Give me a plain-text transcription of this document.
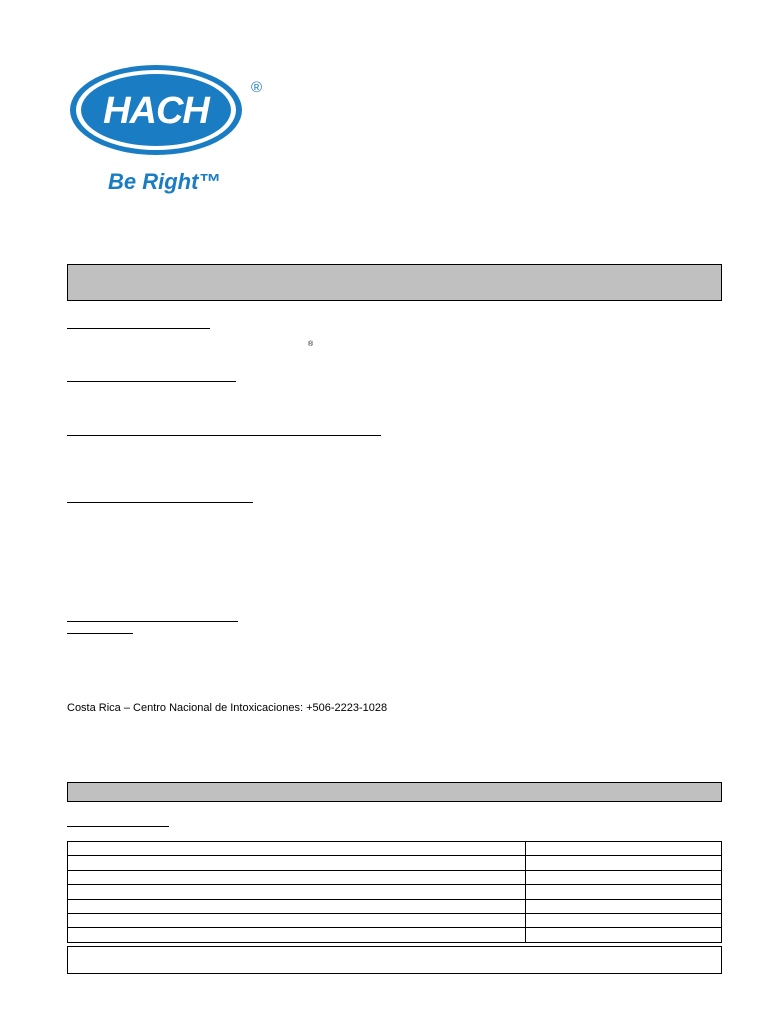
HACH
®
Be Right™
®
Costa Rica – Centro Nacional de Intoxicaciones: +506-2223-1028
